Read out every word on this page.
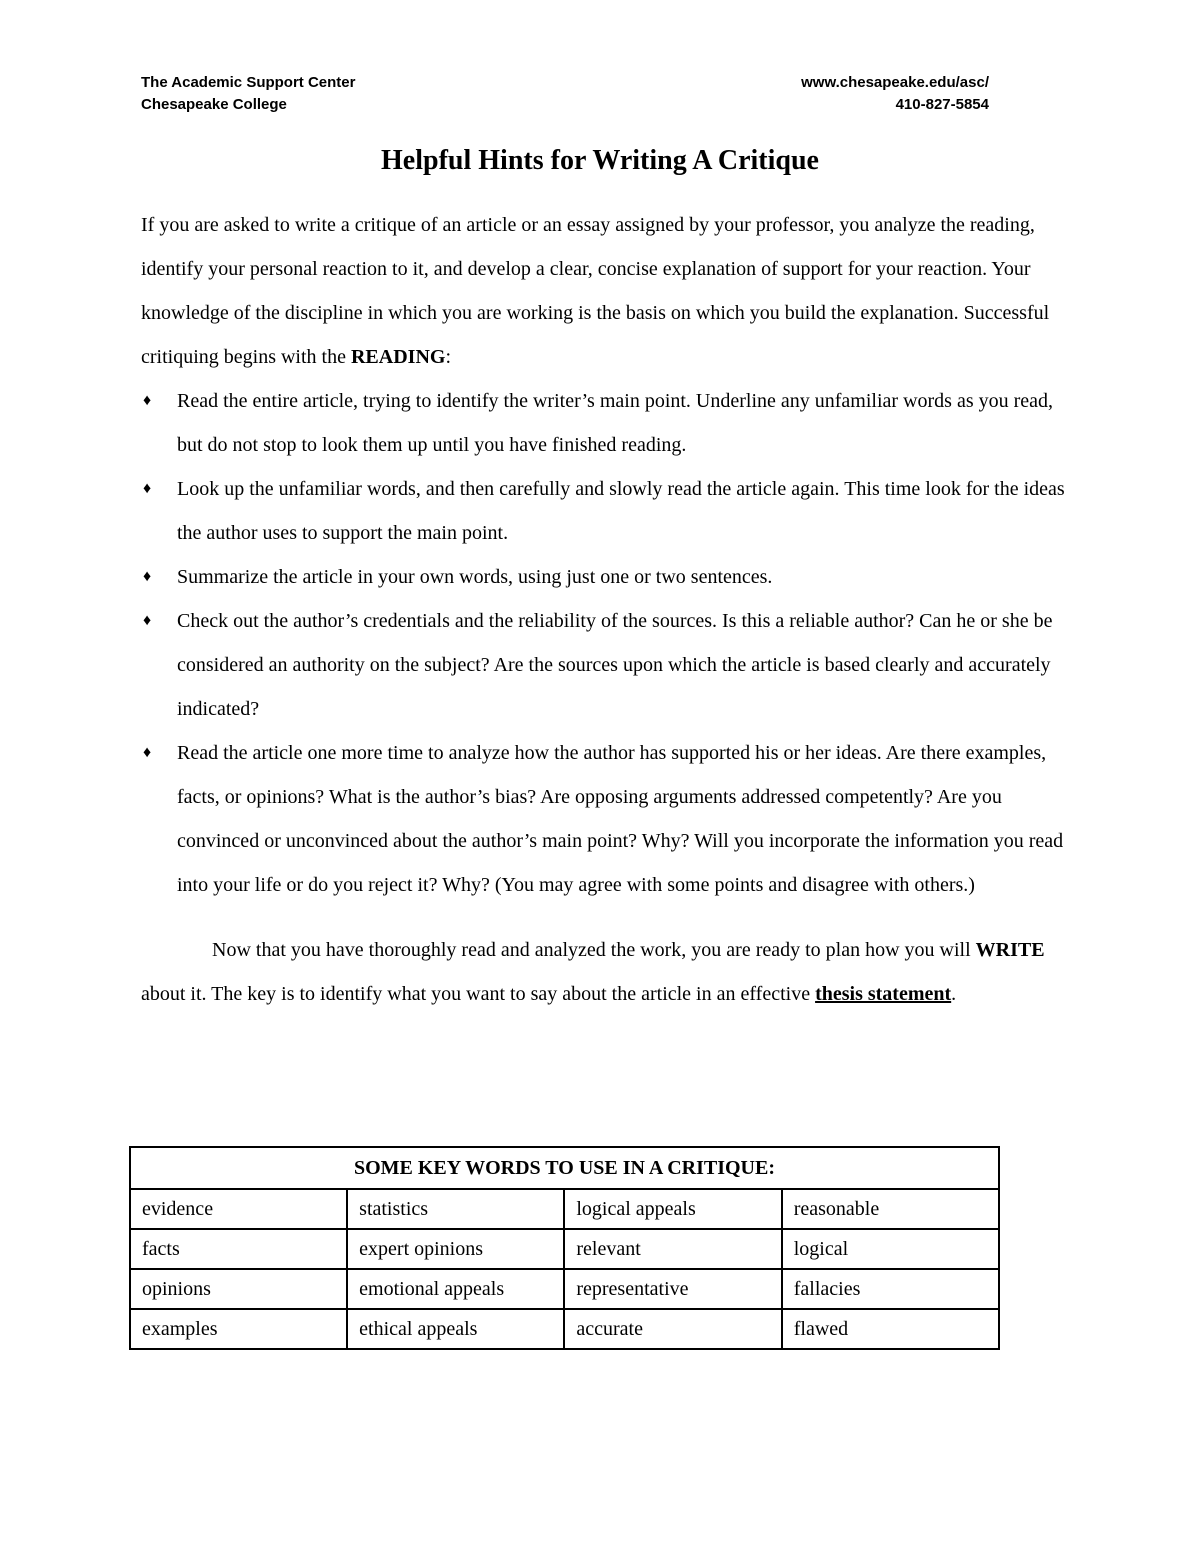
The Academic Support Center
Chesapeake College
www.chesapeake.edu/asc/
410-827-5854
Helpful Hints for Writing A Critique

If you are asked to write a critique of an article or an essay assigned by your professor, you analyze the reading, identify your personal reaction to it, and develop a clear, concise explanation of support for your reaction. Your knowledge of the discipline in which you are working is the basis on which you build the explanation. Successful critiquing begins with the READING:

♦ Read the entire article, trying to identify the writer’s main point. Underline any unfamiliar words as you read, but do not stop to look them up until you have finished reading.
♦ Look up the unfamiliar words, and then carefully and slowly read the article again. This time look for the ideas the author uses to support the main point.
♦ Summarize the article in your own words, using just one or two sentences.
♦ Check out the author’s credentials and the reliability of the sources. Is this a reliable author? Can he or she be considered an authority on the subject? Are the sources upon which the article is based clearly and accurately indicated?
♦ Read the article one more time to analyze how the author has supported his or her ideas. Are there examples, facts, or opinions? What is the author’s bias? Are opposing arguments addressed competently? Are you convinced or unconvinced about the author’s main point? Why? Will you incorporate the information you read into your life or do you reject it? Why? (You may agree with some points and disagree with others.)

Now that you have thoroughly read and analyzed the work, you are ready to plan how you will WRITE about it. The key is to identify what you want to say about the article in an effective thesis statement.

SOME KEY WORDS TO USE IN A CRITIQUE:			
evidence	statistics	logical appeals	reasonable
facts	expert opinions	relevant	logical
opinions	emotional appeals	representative	fallacies
examples	ethical appeals	accurate	flawed
